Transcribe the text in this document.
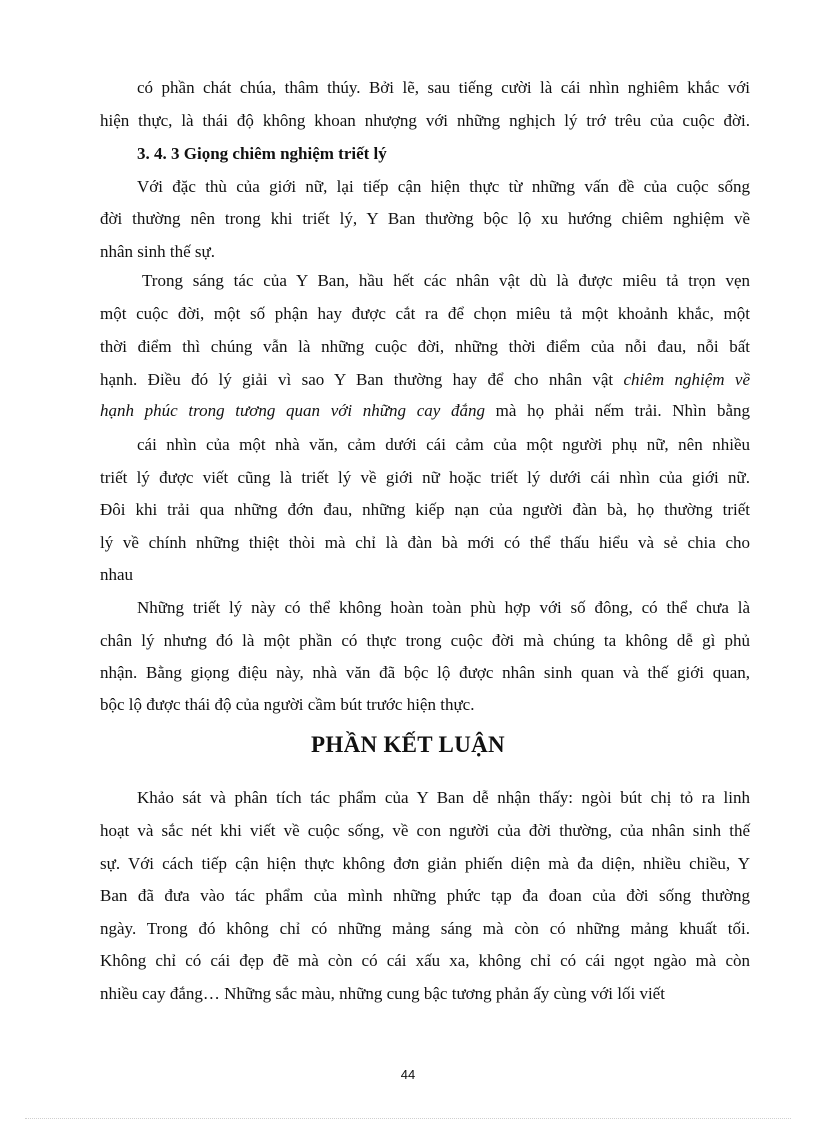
có phần chát chúa, thâm thúy. Bởi lẽ, sau tiếng cười là cái nhìn nghiêm khắc với
hiện thực, là thái độ không khoan nhượng với những nghịch lý trớ trêu của cuộc đời.
3. 4. 3 Giọng chiêm nghiệm triết lý
Với đặc thù của giới nữ, lại tiếp cận hiện thực từ những vấn đề của cuộc sống
đời thường nên trong khi triết lý, Y Ban thường bộc lộ xu hướng chiêm nghiệm về
nhân sinh thế sự.
Trong sáng tác của Y Ban, hầu hết các nhân vật dù là được miêu tả trọn vẹn
một cuộc đời, một số phận hay được cắt ra để chọn miêu tả một khoảnh khắc, một
thời điểm thì chúng vẫn là những cuộc đời, những thời điểm của nỗi đau, nỗi bất
hạnh. Điều đó lý giải vì sao Y Ban thường hay để cho nhân vật chiêm nghiệm về
hạnh phúc trong tương quan với những cay đắng mà họ phải nếm trải. Nhìn bằng
cái nhìn của một nhà văn, cảm dưới cái cảm của một người phụ nữ, nên nhiều
triết lý được viết cũng là triết lý về giới nữ hoặc triết lý dưới cái nhìn của giới nữ.
Đôi khi trải qua những đớn đau, những kiếp nạn của người đàn bà, họ thường triết
lý về chính những thiệt thòi mà chỉ là đàn bà mới có thể thấu hiểu và sẻ chia cho
nhau
Những triết lý này có thể không hoàn toàn phù hợp với số đông, có thể chưa là
chân lý nhưng đó là một phần có thực trong cuộc đời mà chúng ta không dễ gì phủ
nhận. Bằng giọng điệu này, nhà văn đã bộc lộ được nhân sinh quan và thế giới quan,
bộc lộ được thái độ của người cầm bút trước hiện thực.
PHẦN KẾT LUẬN
Khảo sát và phân tích tác phẩm của Y Ban dễ nhận thấy: ngòi bút chị tỏ ra linh
hoạt và sắc nét khi viết về cuộc sống, về con người của đời thường, của nhân sinh thế
sự. Với cách tiếp cận hiện thực không đơn giản phiến diện mà đa diện, nhiều chiều, Y
Ban đã đưa vào tác phẩm của mình những phức tạp đa đoan của đời sống thường
ngày. Trong đó không chỉ có những mảng sáng mà còn có những mảng khuất tối.
Không chỉ có cái đẹp đẽ mà còn có cái xấu xa, không chỉ có cái ngọt ngào mà còn
nhiều cay đắng… Những sắc màu, những cung bậc tương phản ấy cùng với lối viết
44
